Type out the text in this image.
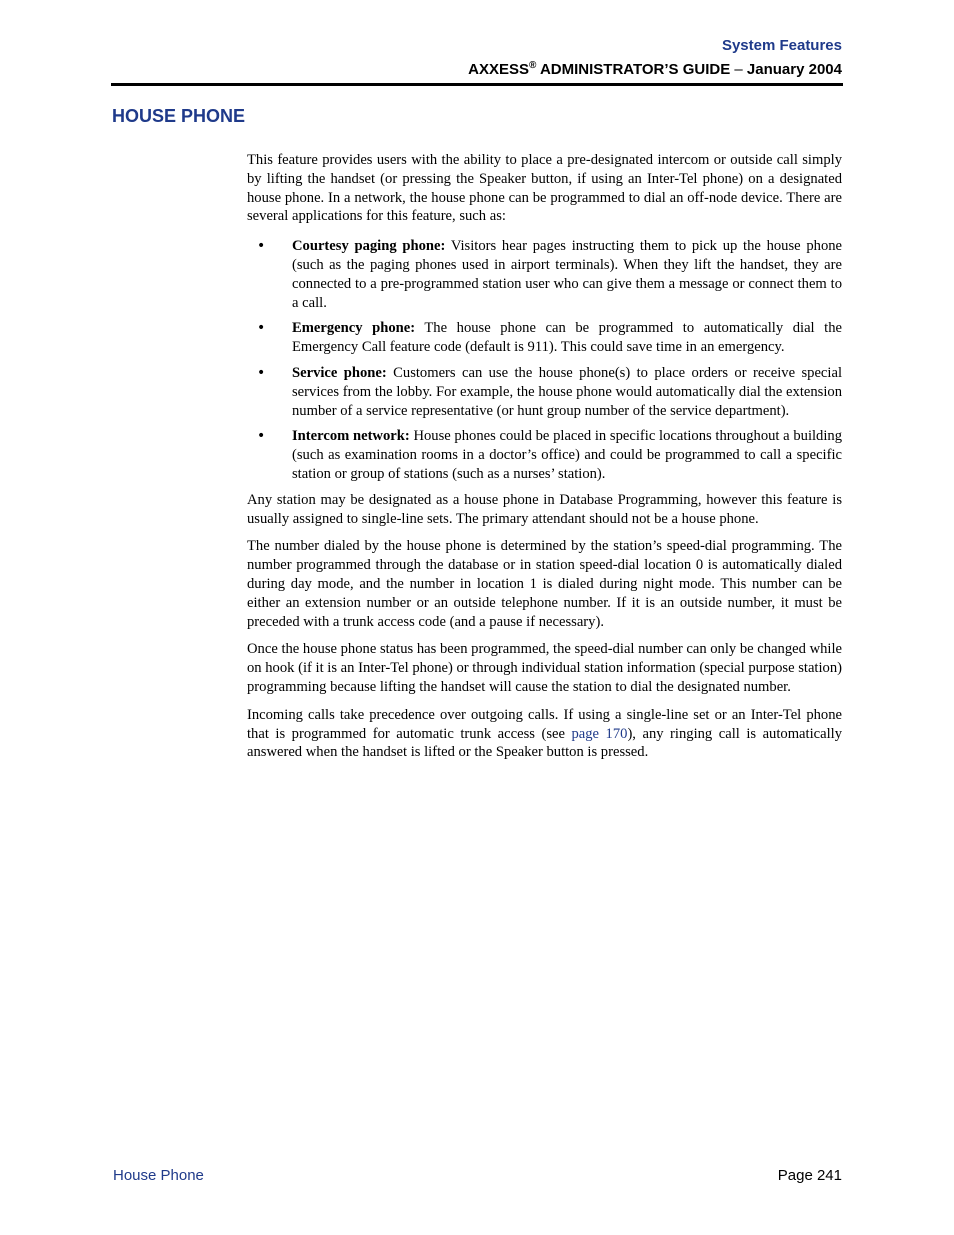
System Features
AXXESS® ADMINISTRATOR’S GUIDE – January 2004
HOUSE PHONE

This feature provides users with the ability to place a pre-designated intercom or outside call simply by lifting the handset (or pressing the Speaker button, if using an Inter-Tel phone) on a designated house phone. In a network, the house phone can be programmed to dial an off-node device. There are several applications for this feature, such as:

• Courtesy paging phone: Visitors hear pages instructing them to pick up the house phone (such as the paging phones used in airport terminals). When they lift the handset, they are connected to a pre-programmed station user who can give them a message or connect them to a call.
• Emergency phone: The house phone can be programmed to automatically dial the Emergency Call feature code (default is 911). This could save time in an emergency.
• Service phone: Customers can use the house phone(s) to place orders or receive special services from the lobby. For example, the house phone would automatically dial the extension number of a service representative (or hunt group number of the service department).
• Intercom network: House phones could be placed in specific locations throughout a building (such as examination rooms in a doctor’s office) and could be programmed to call a specific station or group of stations (such as a nurses’ station).

Any station may be designated as a house phone in Database Programming, however this feature is usually assigned to single-line sets. The primary attendant should not be a house phone.

The number dialed by the house phone is determined by the station’s speed-dial programming. The number programmed through the database or in station speed-dial location 0 is automatically dialed during day mode, and the number in location 1 is dialed during night mode. This number can be either an extension number or an outside telephone number. If it is an outside number, it must be preceded with a trunk access code (and a pause if necessary).

Once the house phone status has been programmed, the speed-dial number can only be changed while on hook (if it is an Inter-Tel phone) or through individual station information (special purpose station) programming because lifting the handset will cause the station to dial the designated number.

Incoming calls take precedence over outgoing calls. If using a single-line set or an Inter-Tel phone that is programmed for automatic trunk access (see page 170), any ringing call is automatically answered when the handset is lifted or the Speaker button is pressed.

House Phone	Page 241
